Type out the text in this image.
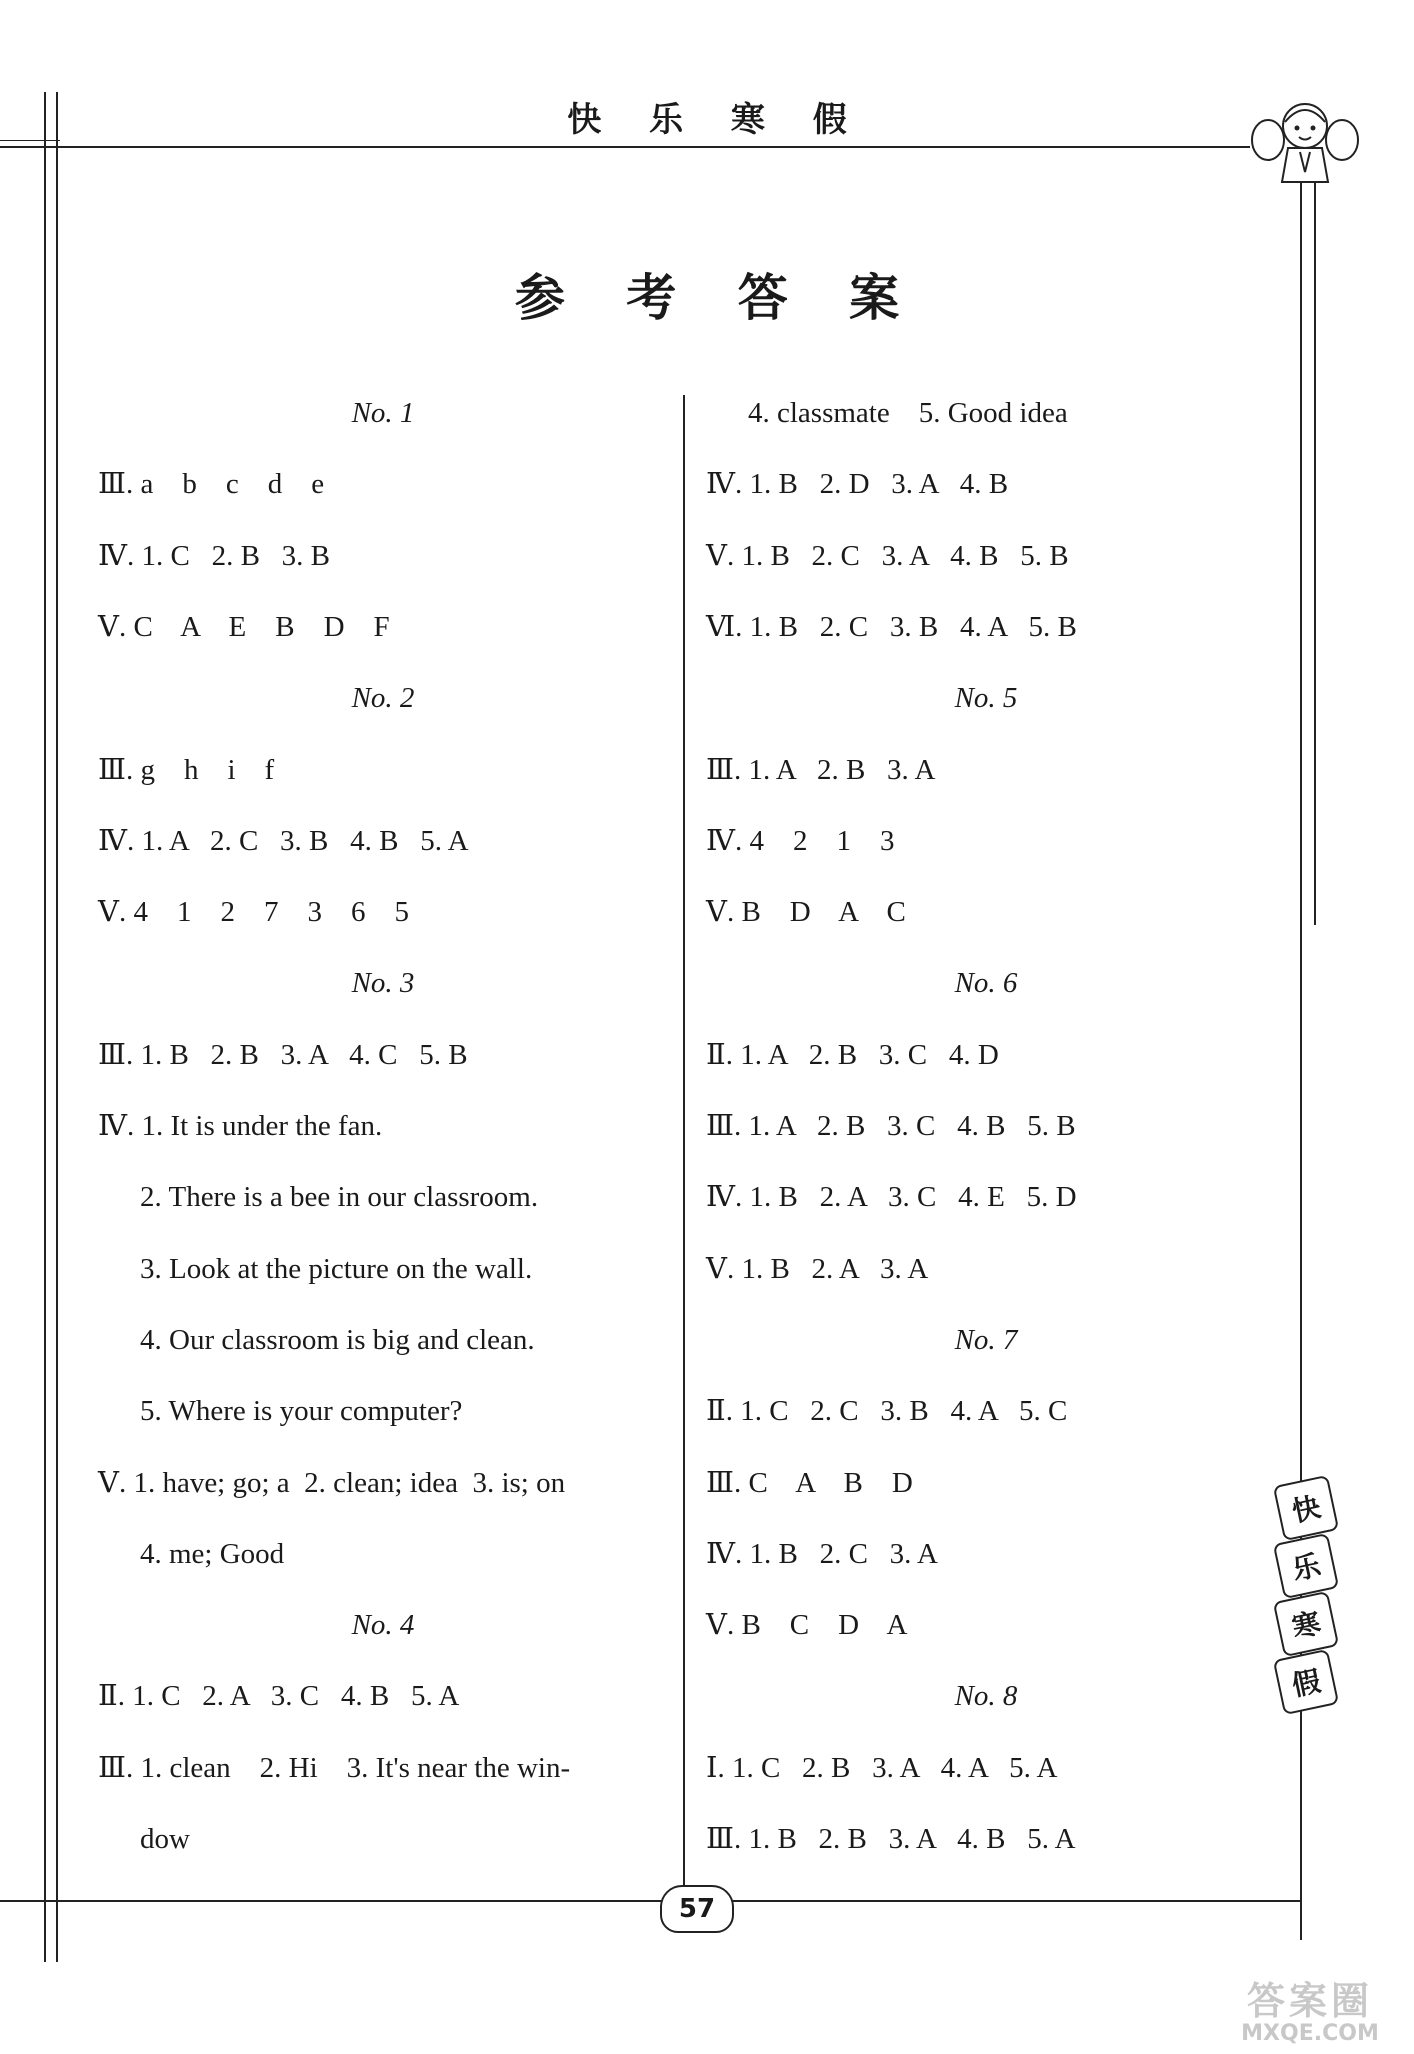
快 乐 寒 假
参 考 答 案
No. 1
Ⅲ. a    b    c    d    e
Ⅳ. 1. C   2. B   3. B
Ⅴ. C    A    E    B    D    F
No. 2
Ⅲ. g    h    i    f
Ⅳ. 1. A   2. C   3. B   4. B   5. A
Ⅴ. 4    1    2    7    3    6    5
No. 3
Ⅲ. 1. B   2. B   3. A   4. C   5. B
Ⅳ. 1. It is under the fan.
2. There is a bee in our classroom.
3. Look at the picture on the wall.
4. Our classroom is big and clean.
5. Where is your computer?
Ⅴ. 1. have; go; a  2. clean; idea  3. is; on
4. me; Good
No. 4
Ⅱ. 1. C   2. A   3. C   4. B   5. A
Ⅲ. 1. clean    2. Hi    3. It's near the win-
dow
4. classmate    5. Good idea
Ⅳ. 1. B   2. D   3. A   4. B
Ⅴ. 1. B   2. C   3. A   4. B   5. B
Ⅵ. 1. B   2. C   3. B   4. A   5. B
No. 5
Ⅲ. 1. A   2. B   3. A
Ⅳ. 4    2    1    3
Ⅴ. B    D    A    C
No. 6
Ⅱ. 1. A   2. B   3. C   4. D
Ⅲ. 1. A   2. B   3. C   4. B   5. B
Ⅳ. 1. B   2. A   3. C   4. E   5. D
Ⅴ. 1. B   2. A   3. A
No. 7
Ⅱ. 1. C   2. C   3. B   4. A   5. C
Ⅲ. C    A    B    D
Ⅳ. 1. B   2. C   3. A
Ⅴ. B    C    D    A
No. 8
Ⅰ. 1. C   2. B   3. A   4. A   5. A
Ⅲ. 1. B   2. B   3. A   4. B   5. A
快
乐
寒
假
57
答案圈
MXQE.COM
